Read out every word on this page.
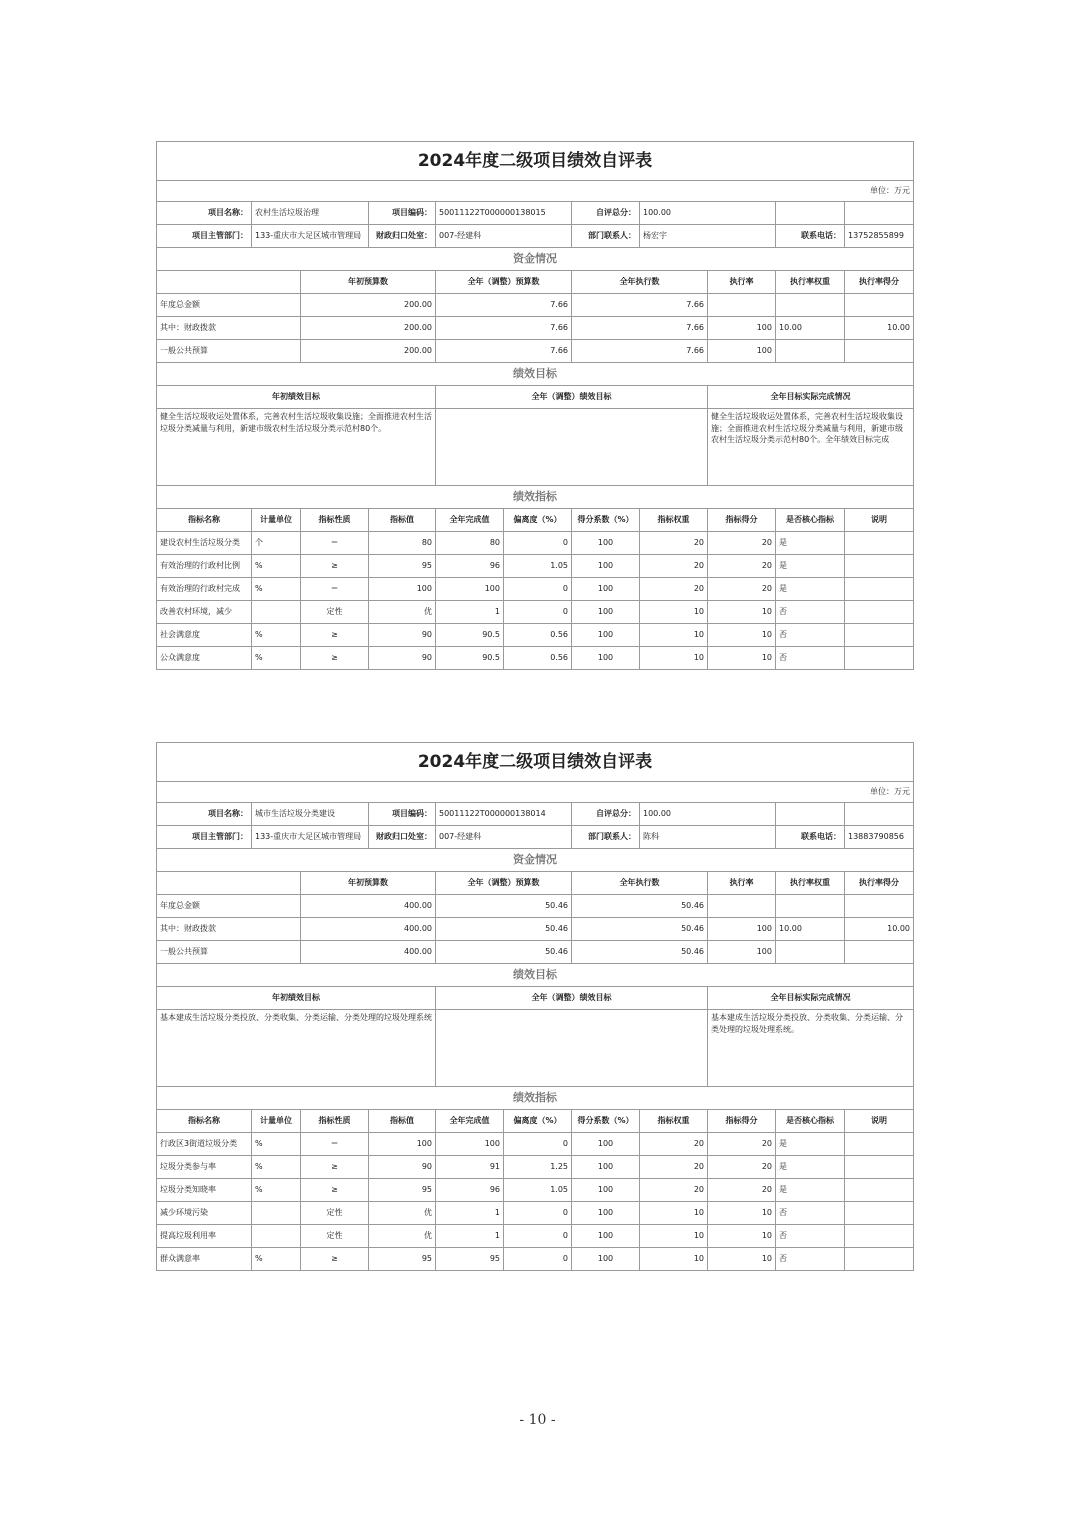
2024年度二级项目绩效自评表										
单位：万元										
项目名称：	农村生活垃圾治理		项目编码：	50011122T000000138015		自评总分：	100.00			
项目主管部门：	133-重庆市大足区城市管理局		财政归口处室：	007-经建科		部门联系人：	杨宏宇		联系电话：	13752855899
资金情况										
		年初预算数		全年（调整）预算数		全年执行数		执行率	执行率权重	执行率得分
年度总金额		200.00		7.66		7.66				
其中：财政拨款		200.00		7.66		7.66		100	10.00	10.00
一般公共预算		200.00		7.66		7.66		100		
绩效目标										
年初绩效目标				全年（调整）绩效目标				全年目标实际完成情况		
健全生活垃圾收运处置体系，完善农村生活垃圾收集设施；全面推进农村生活垃圾分类减量与利用，新建市级农村生活垃圾分类示范村80个。								健全生活垃圾收运处置体系，完善农村生活垃圾收集设施；全面推进农村生活垃圾分类减量与利用，新建市级农村生活垃圾分类示范村80个。全年绩效目标完成		
绩效指标										
指标名称	计量单位	指标性质	指标值	全年完成值	偏离度（%）	得分系数（%）	指标权重	指标得分	是否核心指标	说明
建设农村生活垃圾分类	个	＝	80	80	0	100	20	20	是	
有效治理的行政村比例	%	≥	95	96	1.05	100	20	20	是	
有效治理的行政村完成	%	＝	100	100	0	100	20	20	是	
改善农村环境，减少		定性	优	1	0	100	10	10	否	
社会满意度	%	≥	90	90.5	0.56	100	10	10	否	
公众满意度	%	≥	90	90.5	0.56	100	10	10	否	
2024年度二级项目绩效自评表										
单位：万元										
项目名称：	城市生活垃圾分类建设		项目编码：	50011122T000000138014		自评总分：	100.00			
项目主管部门：	133-重庆市大足区城市管理局		财政归口处室：	007-经建科		部门联系人：	陈科		联系电话：	13883790856
资金情况										
		年初预算数		全年（调整）预算数		全年执行数		执行率	执行率权重	执行率得分
年度总金额		400.00		50.46		50.46				
其中：财政拨款		400.00		50.46		50.46		100	10.00	10.00
一般公共预算		400.00		50.46		50.46		100		
绩效目标										
年初绩效目标				全年（调整）绩效目标				全年目标实际完成情况		
基本建成生活垃圾分类投放、分类收集、分类运输、分类处理的垃圾处理系统								基本建成生活垃圾分类投放、分类收集、分类运输、分类处理的垃圾处理系统。		
绩效指标										
指标名称	计量单位	指标性质	指标值	全年完成值	偏离度（%）	得分系数（%）	指标权重	指标得分	是否核心指标	说明
行政区3街道垃圾分类	%	＝	100	100	0	100	20	20	是	
垃圾分类参与率	%	≥	90	91	1.25	100	20	20	是	
垃圾分类知晓率	%	≥	95	96	1.05	100	20	20	是	
减少环境污染		定性	优	1	0	100	10	10	否	
提高垃圾利用率		定性	优	1	0	100	10	10	否	
群众满意率	%	≥	95	95	0	100	10	10	否	
- 10 -
